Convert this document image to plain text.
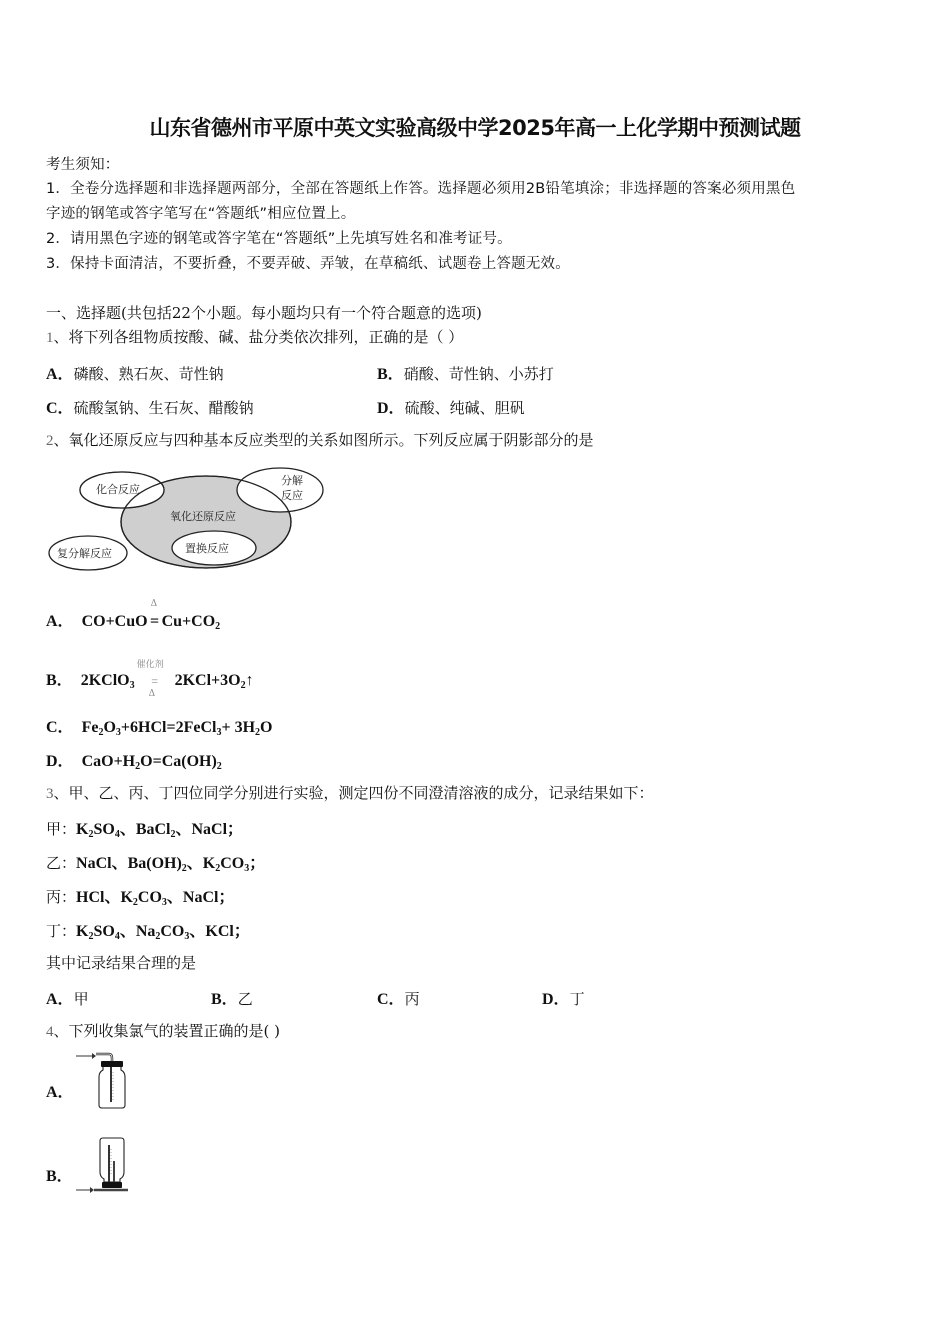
山东省德州市平原中英文实验高级中学2025年高一上化学期中预测试题
考生须知：
1．全卷分选择题和非选择题两部分，全部在答题纸上作答。选择题必须用2B铅笔填涂；非选择题的答案必须用黑色
字迹的钢笔或答字笔写在“答题纸”相应位置上。
2．请用黑色字迹的钢笔或答字笔在“答题纸”上先填写姓名和准考证号。
3．保持卡面清洁，不要折叠，不要弄破、弄皱，在草稿纸、试题卷上答题无效。
一、选择题(共包括22个小题。每小题均只有一个符合题意的选项)
1、将下列各组物质按酸、碱、盐分类依次排列，正确的是（ ）
A．磷酸、熟石灰、苛性钠	B．硝酸、苛性钠、小苏打
C．硫酸氢钠、生石灰、醋酸钠	D．硫酸、纯碱、胆矾
2、氧化还原反应与四种基本反应类型的关系如图所示。下列反应属于阴影部分的是
化合反应
分解
反应
氧化还原反应
复分解反应	置换反应
A． CO+CuO
Δ
= $Cu+CO_2$
B． 2KClO$_3$
催化剂
=
Δ
$2KCl+3O_2↑$
C． $Fe_2O_3+6HCl=2FeCl_3+ 3H_2O$
D． $CaO+H_2O=Ca(OH)_2$
3、甲、乙、丙、丁四位同学分别进行实验，测定四份不同澄清溶液的成分，记录结果如下：
甲：$K_2SO_4$、BaCl$_2$、NaCl；
乙：NaCl、$Ba(OH)_2$、$K_2CO_3$；
丙：HCl、$K_2CO_3$、NaCl；
丁：$K_2SO_4$、$Na_2CO_3$、KCl；
其中记录结果合理的是
A．甲	B．乙	C．丙	D．丁
4、下列收集氯气的装置正确的是( )
A．
B．
